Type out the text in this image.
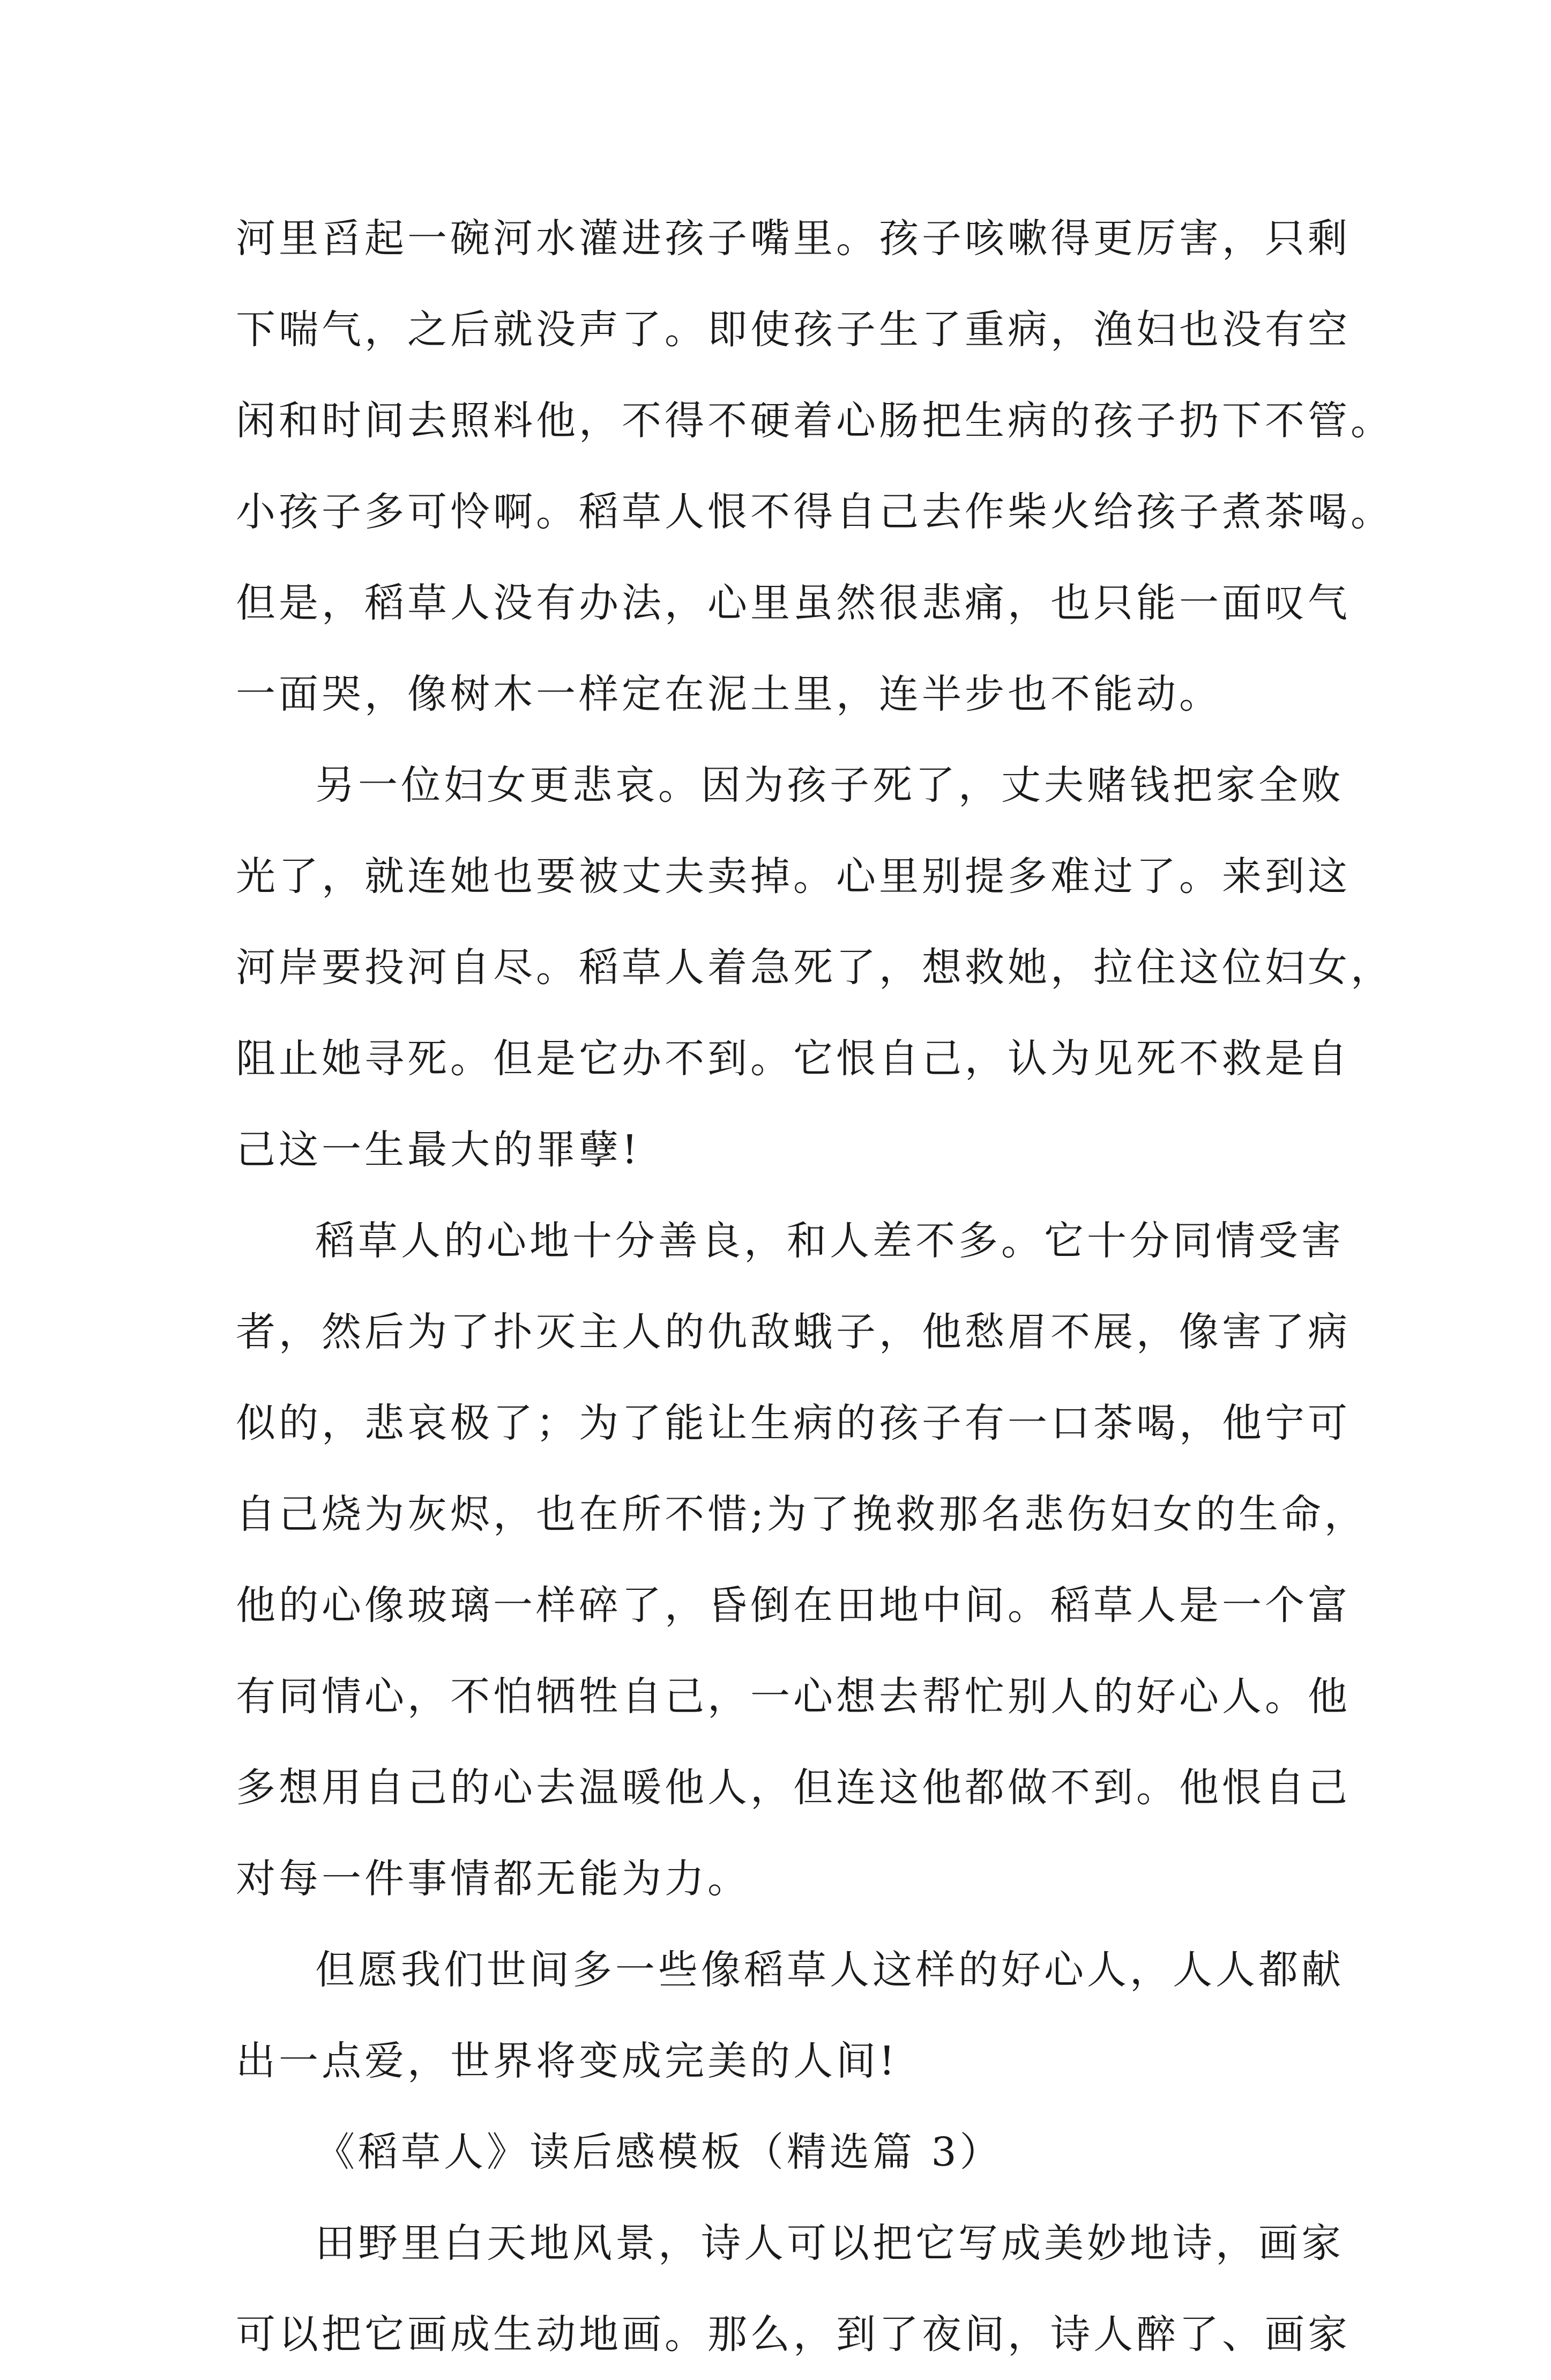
河里舀起一碗河水灌进孩子嘴里。孩子咳嗽得更厉害，只剩
下喘气，之后就没声了。即使孩子生了重病，渔妇也没有空
闲和时间去照料他，不得不硬着心肠把生病的孩子扔下不管。
小孩子多可怜啊。稻草人恨不得自己去作柴火给孩子煮茶喝。
但是，稻草人没有办法，心里虽然很悲痛，也只能一面叹气
一面哭，像树木一样定在泥土里，连半步也不能动。
另一位妇女更悲哀。因为孩子死了，丈夫赌钱把家全败
光了，就连她也要被丈夫卖掉。心里别提多难过了。来到这
河岸要投河自尽。稻草人着急死了，想救她，拉住这位妇女，
阻止她寻死。但是它办不到。它恨自己，认为见死不救是自
己这一生最大的罪孽!
稻草人的心地十分善良，和人差不多。它十分同情受害
者，然后为了扑灭主人的仇敌蛾子，他愁眉不展，像害了病
似的，悲哀极了；为了能让生病的孩子有一口茶喝，他宁可
自己烧为灰烬，也在所不惜;为了挽救那名悲伤妇女的生命，
他的心像玻璃一样碎了，昏倒在田地中间。稻草人是一个富
有同情心，不怕牺牲自己，一心想去帮忙别人的好心人。他
多想用自己的心去温暖他人，但连这他都做不到。他恨自己
对每一件事情都无能为力。
但愿我们世间多一些像稻草人这样的好心人，人人都献
出一点爱，世界将变成完美的人间!
《稻草人》读后感模板（精选篇 3）
田野里白天地风景，诗人可以把它写成美妙地诗，画家
可以把它画成生动地画。那么，到了夜间，诗人醉了、画家
